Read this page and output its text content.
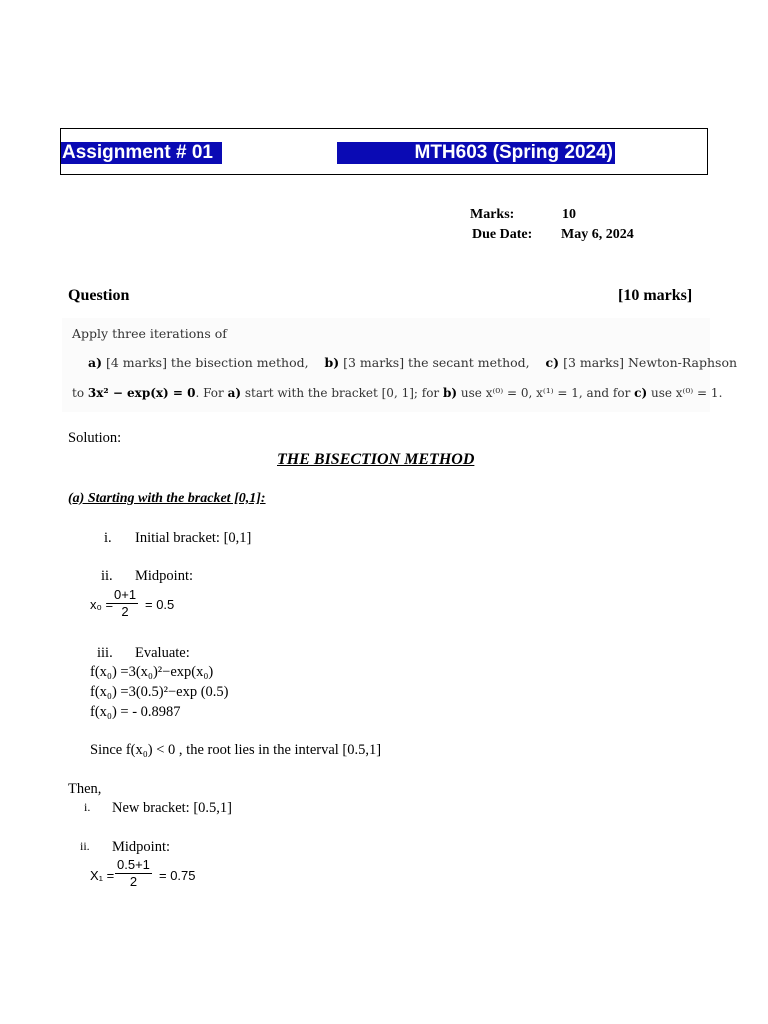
Assignment # 01	MTH603 (Spring 2024)
Marks:	10
Due Date: May 6, 2024
Question	[10 marks]
Apply three iterations of
a) [4 marks] the bisection method, b) [3 marks] the secant method, c) [3 marks] Newton-Raphson
to 3x² − exp(x) = 0. For a) start with the bracket [0, 1]; for b) use x⁽⁰⁾ = 0, x⁽¹⁾ = 1, and for c) use x⁽⁰⁾ = 1.
Solution:
THE BISECTION METHOD
(a) Starting with the bracket [0,1]:
i. Initial bracket: [0,1]
ii. Midpoint:
x₀ =
$\frac{0+1}{2} = 0.5$
iii. Evaluate:
f(x₀) =3(x₀)²−exp(x₀)
f(x₀) =3(0.5)²−exp (0.5)
f(x₀) = - 0.8987
Since f(x₀) < 0 , the root lies in the interval [0.5,1]
Then,
i. New bracket: [0.5,1]
ii. Midpoint:
$X_1 = \frac{0.5+1}{2} = 0.75$
